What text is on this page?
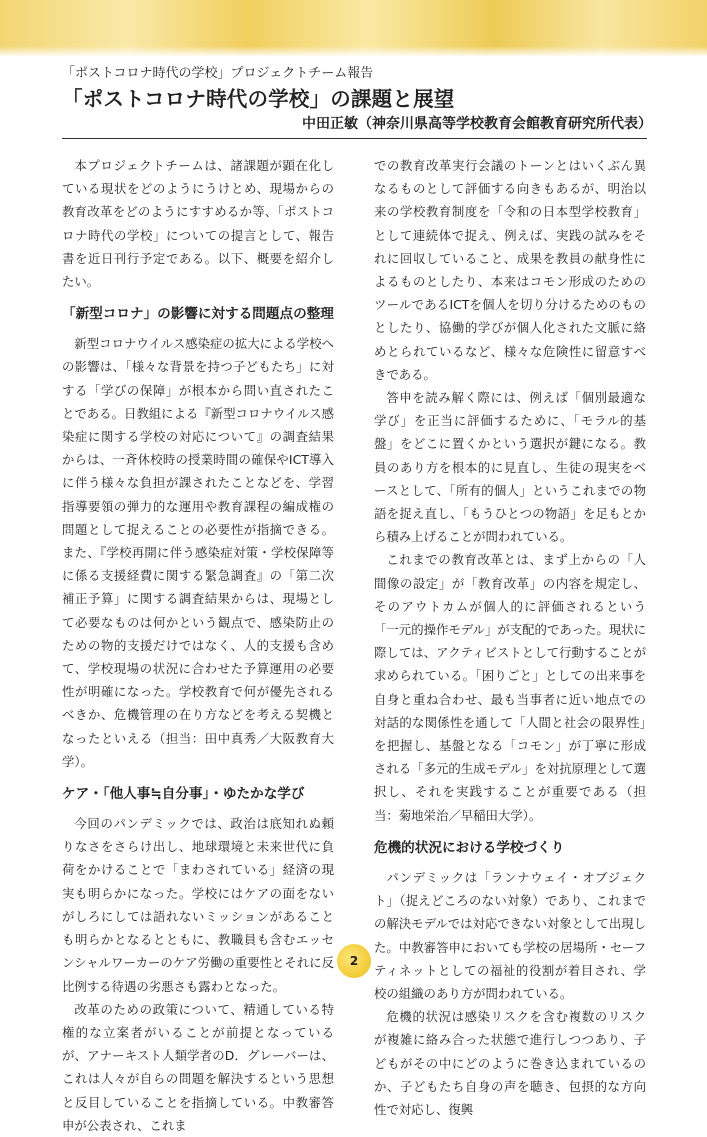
「ポストコロナ時代の学校」プロジェクトチーム報告
「ポストコロナ時代の学校」の課題と展望
中田正敏（神奈川県高等学校教育会館教育研究所代表）

本プロジェクトチームは、諸課題が顕在化している現状をどのようにうけとめ、現場からの教育改革をどのようにすすめるか等、「ポストコロナ時代の学校」についての提言として、報告書を近日刊行予定である。以下、概要を紹介したい。

「新型コロナ」の影響に対する問題点の整理

新型コロナウイルス感染症の拡大による学校への影響は、「様々な背景を持つ子どもたち」に対する「学びの保障」が根本から問い直されたことである。日教組による『新型コロナウイルス感染症に関する学校の対応について』の調査結果からは、一斉休校時の授業時間の確保やICT導入に伴う様々な負担が課されたことなどを、学習指導要領の弾力的な運用や教育課程の編成権の問題として捉えることの必要性が指摘できる。また、『学校再開に伴う感染症対策・学校保障等に係る支援経費に関する緊急調査』の「第二次補正予算」に関する調査結果からは、現場として必要なものは何かという観点で、感染防止のための物的支援だけではなく、人的支援も含めて、学校現場の状況に合わせた予算運用の必要性が明確になった。学校教育で何が優先されるべきか、危機管理の在り方などを考える契機となったといえる（担当：田中真秀／大阪教育大学）。

ケア・「他人事≒自分事」・ゆたかな学び

今回のパンデミックでは、政治は底知れぬ頼りなさをさらけ出し、地球環境と未来世代に負荷をかけることで「まわされている」経済の現実も明らかになった。学校にはケアの面をないがしろにしては語れないミッションがあることも明らかとなるとともに、教職員も含むエッセンシャルワーカーのケア労働の重要性とそれに反比例する待遇の劣悪さも露わとなった。

改革のための政策について、精通している特権的な立案者がいることが前提となっているが、アナーキスト人類学者のD．グレーバーは、これは人々が自らの問題を解決するという思想と反目していることを指摘している。中教審答申が公表され、これま

での教育改革実行会議のトーンとはいくぶん異なるものとして評価する向きもあるが、明治以来の学校教育制度を「令和の日本型学校教育」として連続体で捉え、例えば、実践の試みをそれに回収していること、成果を教員の献身性によるものとしたり、本来はコモン形成のためのツールであるICTを個人を切り分けるためのものとしたり、協働的学びが個人化された文脈に絡めとられているなど、様々な危険性に留意すべきである。

答申を読み解く際には、例えば「個別最適な学び」を正当に評価するために、「モラル的基盤」をどこに置くかという選択が鍵になる。教員のあり方を根本的に見直し、生徒の現実をベースとして、「所有的個人」というこれまでの物語を捉え直し、「もうひとつの物語」を足もとから積み上げることが問われている。

これまでの教育改革とは、まず上からの「人間像の設定」が「教育改革」の内容を規定し、そのアウトカムが個人的に評価されるという「一元的操作モデル」が支配的であった。現状に際しては、アクティビストとして行動することが求められている。「困りごと」としての出来事を自身と重ね合わせ、最も当事者に近い地点での対話的な関係性を通して「人間と社会の限界性」を把握し、基盤となる「コモン」が丁寧に形成される「多元的生成モデル」を対抗原理として選択し、それを実践することが重要である（担当：菊地栄治／早稲田大学）。

危機的状況における学校づくり

パンデミックは「ランナウェイ・オブジェクト」（捉えどころのない対象）であり、これまでの解決モデルでは対応できない対象として出現した。中教審答申においても学校の居場所・セーフティネットとしての福祉的役割が着目され、学校の組織のあり方が問われている。

危機的状況は感染リスクを含む複数のリスクが複雑に絡み合った状態で進行しつつあり、子どもがその中にどのように巻き込まれているのか、子どもたち自身の声を聴き、包摂的な方向性で対応し、復興

2
